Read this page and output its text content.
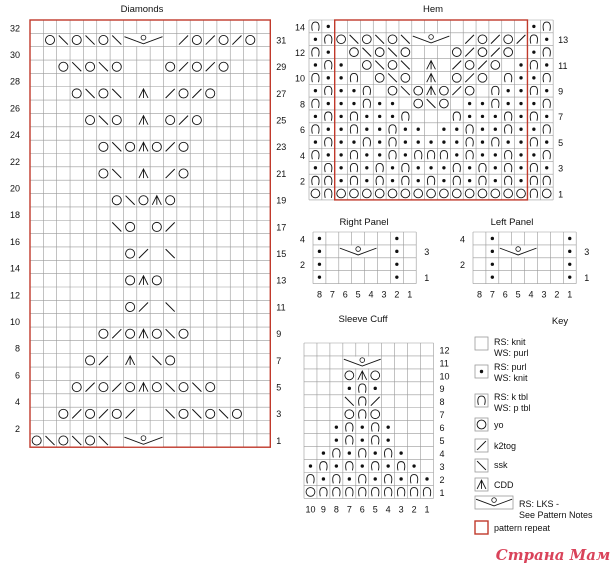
Diamonds
32
30
28
26
24
22
20
18
16
14
12
10
8
6
4
2
31
29
27
25
23
21
19
17
15
13
11
9
7
5
3
1
Hem
14
12
10
8
6
4
2
13
11
9
7
5
3
1
Right Panel
4
2
3
1
8 7 6 5 4 3 2 1
Left Panel
4
2
3
1
8 7 6 5 4 3 2 1
Sleeve Cuff
12
11
10
9
8
7
6
5
4
3
2
1
10 9 8 7 6 5 4 3 2 1
Key
RS: knit
WS: purl
RS: purl
WS: knit
RS: k tbl
WS: p tbl
yo
k2tog
ssk
CDD
RS: LKS -
See Pattern Notes
pattern repeat
Страна Мам
